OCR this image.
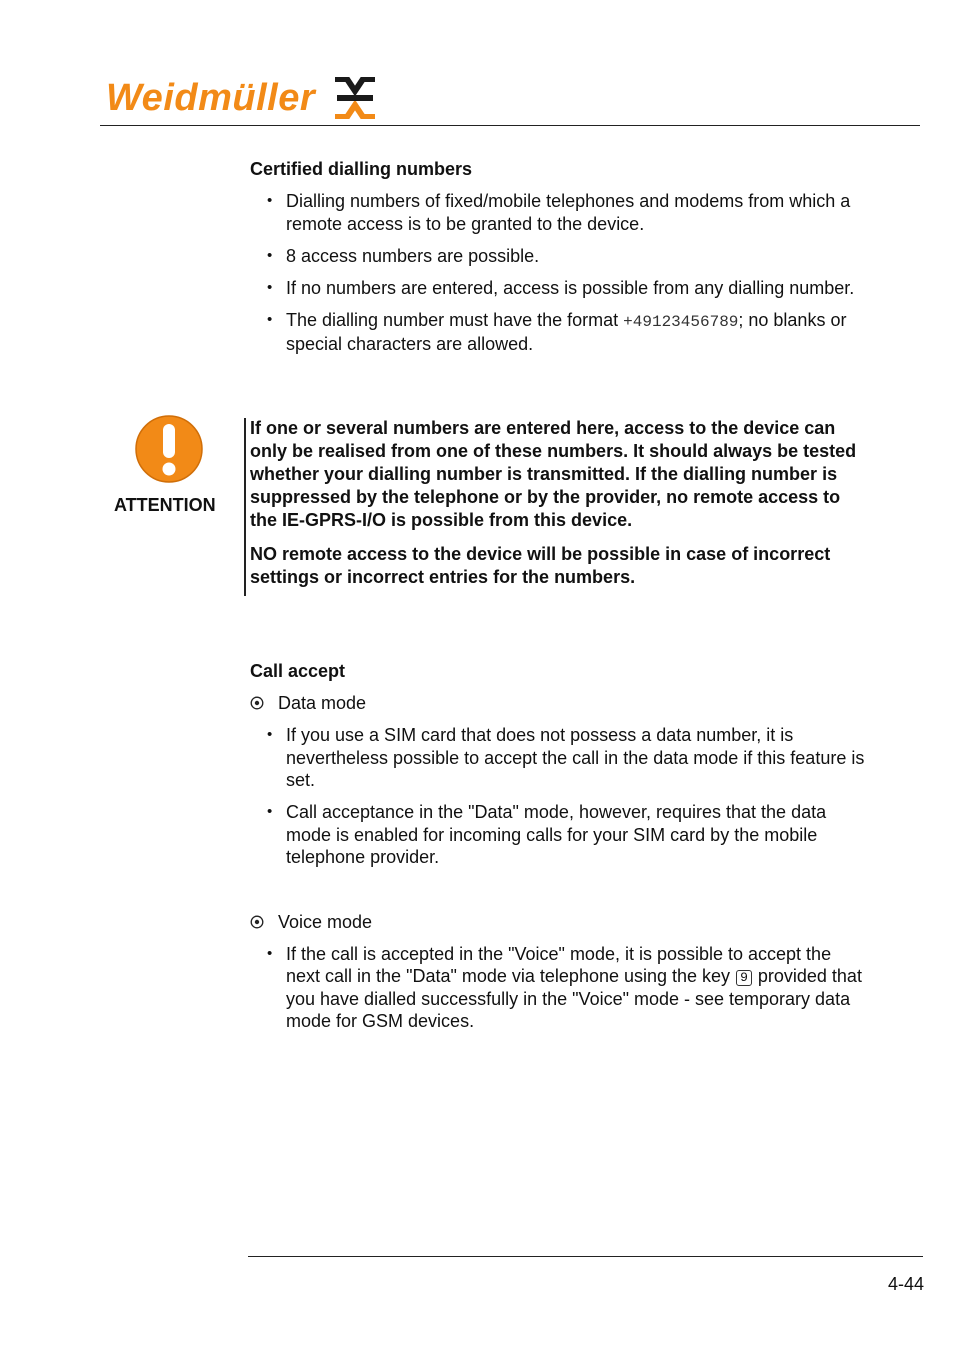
Weidmüller
Certified dialling numbers
• Dialling numbers of fixed/mobile telephones and modems from which a remote access is to be granted to the device.
• 8 access numbers are possible.
• If no numbers are entered, access is possible from any dialling number.
• The dialling number must have the format +49123456789; no blanks or special characters are allowed.
ATTENTION

If one or several numbers are entered here, access to the device can only be realised from one of these numbers. It should always be tested whether your dialling number is transmitted. If the dialling number is suppressed by the telephone or by the provider, no remote access to the IE-GPRS-I/O is possible from this device.

NO remote access to the device will be possible in case of incorrect settings or incorrect entries for the numbers.

Call accept
Data mode
• If you use a SIM card that does not possess a data number, it is nevertheless possible to accept the call in the data mode if this feature is set.
• Call acceptance in the "Data" mode, however, requires that the data mode is enabled for incoming calls for your SIM card by the mobile telephone provider.
Voice mode
• If the call is accepted in the "Voice" mode, it is possible to accept the next call in the "Data" mode via telephone using the key 9 provided that you have dialled successfully in the "Voice" mode - see temporary data mode for GSM devices.
4-44
